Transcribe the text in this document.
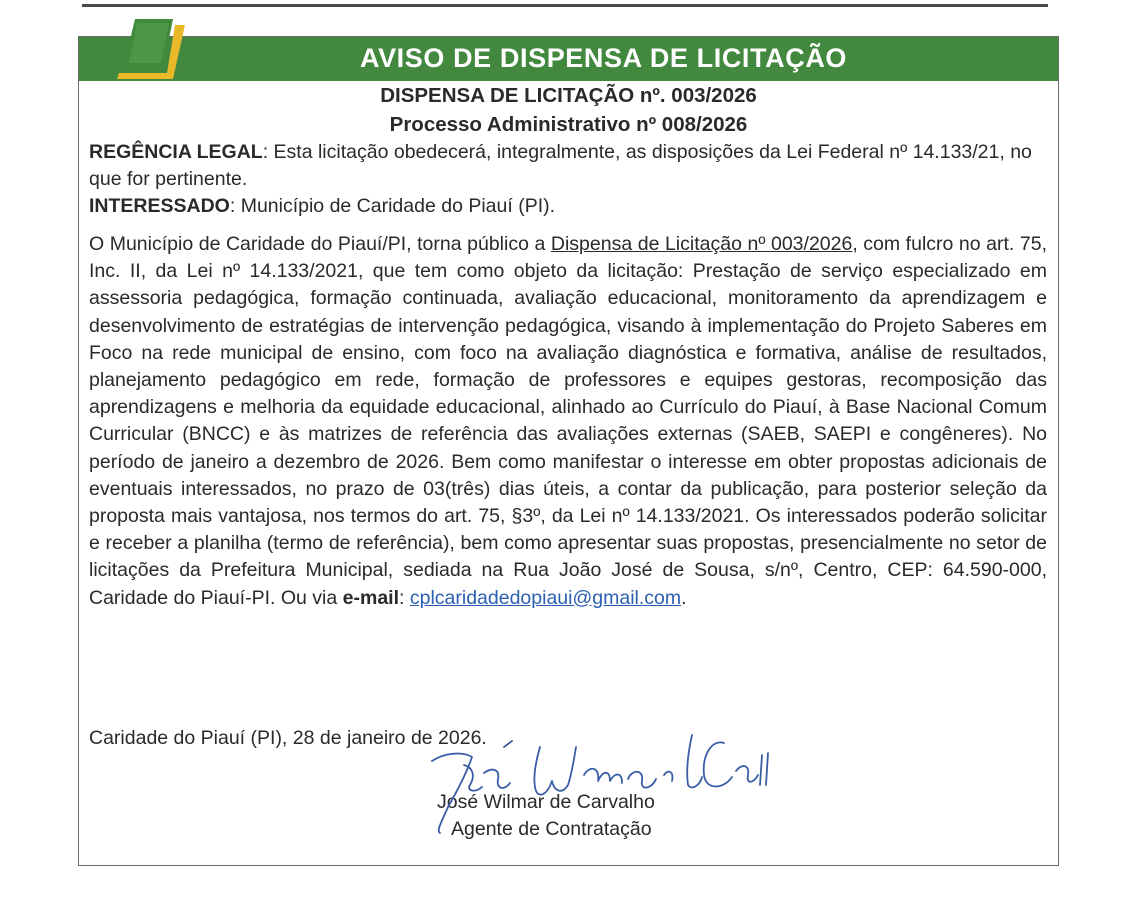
AVISO DE DISPENSA DE LICITAÇÃO
DISPENSA DE LICITAÇÃO nº. 003/2026
Processo Administrativo nº 008/2026
REGÊNCIA LEGAL: Esta licitação obedecerá, integralmente, as disposições da Lei Federal nº 14.133/21, no que for pertinente.
INTERESSADO: Município de Caridade do Piauí (PI).
O Município de Caridade do Piauí/PI, torna público a Dispensa de Licitação nº 003/2026, com fulcro no art. 75, Inc. II, da Lei nº 14.133/2021, que tem como objeto da licitação: Prestação de serviço especializado em assessoria pedagógica, formação continuada, avaliação educacional, monitoramento da aprendizagem e desenvolvimento de estratégias de intervenção pedagógica, visando à implementação do Projeto Saberes em Foco na rede municipal de ensino, com foco na avaliação diagnóstica e formativa, análise de resultados, planejamento pedagógico em rede, formação de professores e equipes gestoras, recomposição das aprendizagens e melhoria da equidade educacional, alinhado ao Currículo do Piauí, à Base Nacional Comum Curricular (BNCC) e às matrizes de referência das avaliações externas (SAEB, SAEPI e congêneres). No período de janeiro a dezembro de 2026. Bem como manifestar o interesse em obter propostas adicionais de eventuais interessados, no prazo de 03(três) dias úteis, a contar da publicação, para posterior seleção da proposta mais vantajosa, nos termos do art. 75, §3º, da Lei nº 14.133/2021. Os interessados poderão solicitar e receber a planilha (termo de referência), bem como apresentar suas propostas, presencialmente no setor de licitações da Prefeitura Municipal, sediada na Rua João José de Sousa, s/nº, Centro, CEP: 64.590-000, Caridade do Piauí-PI. Ou via e-mail: cplcaridadedopiaui@gmail.com.
Caridade do Piauí (PI), 28 de janeiro de 2026.
José Wilmar de Carvalho
Agente de Contratação
